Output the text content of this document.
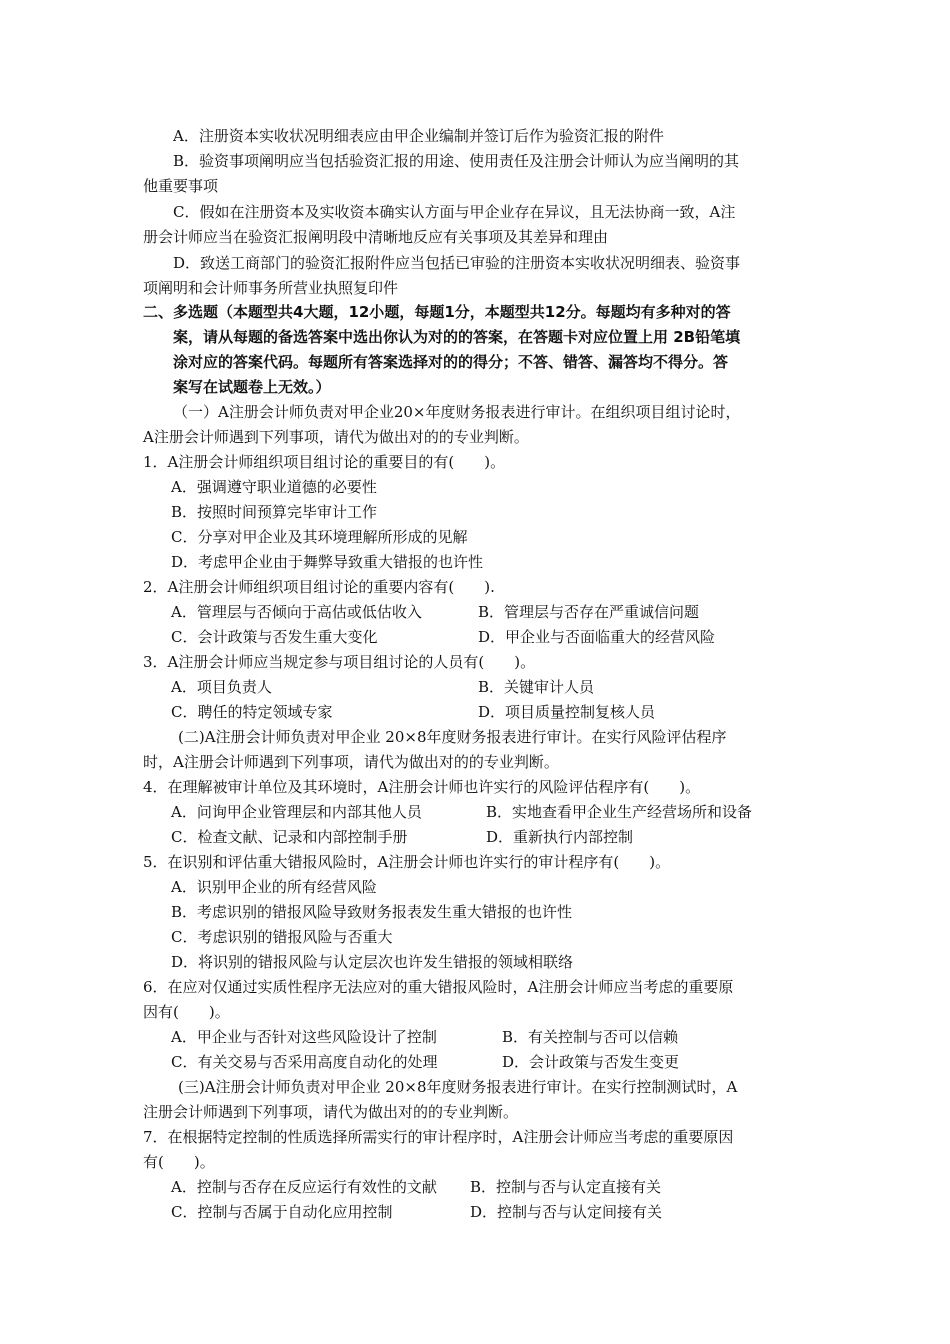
A．注册资本实收状况明细表应由甲企业编制并签订后作为验资汇报的附件
B．验资事项阐明应当包括验资汇报的用途、使用责任及注册会计师认为应当阐明的其
他重要事项
C．假如在注册资本及实收资本确实认方面与甲企业存在异议，且无法协商一致，A注
册会计师应当在验资汇报阐明段中清晰地反应有关事项及其差异和理由
D．致送工商部门的验资汇报附件应当包括已审验的注册资本实收状况明细表、验资事
项阐明和会计师事务所营业执照复印件
二、多选题（本题型共4大题，12小题，每题1分，本题型共12分。每题均有多种对的答
案，请从每题的备选答案中选出你认为对的的答案，在答题卡对应位置上用 2B铅笔填
涂对应的答案代码。每题所有答案选择对的的得分；不答、错答、漏答均不得分。答
案写在试题卷上无效。）
（一）A注册会计师负责对甲企业20×年度财务报表进行审计。在组织项目组讨论时，
A注册会计师遇到下列事项，请代为做出对的的专业判断。
1．A注册会计师组织项目组讨论的重要目的有(　　)。
A．强调遵守职业道德的必要性
B．按照时间预算完毕审计工作
C．分享对甲企业及其环境理解所形成的见解
D．考虑甲企业由于舞弊导致重大错报的也许性
2．A注册会计师组织项目组讨论的重要内容有(　　).
A．管理层与否倾向于高估或低估收入	B．管理层与否存在严重诚信问题
C．会计政策与否发生重大变化	D．甲企业与否面临重大的经营风险
3．A注册会计师应当规定参与项目组讨论的人员有(　　)。
A．项目负责人	B．关键审计人员
C．聘任的特定领域专家	D．项目质量控制复核人员
(二)A注册会计师负责对甲企业 20×8年度财务报表进行审计。在实行风险评估程序
时，A注册会计师遇到下列事项，请代为做出对的的专业判断。
4．在理解被审计单位及其环境时，A注册会计师也许实行的风险评估程序有(　　)。
A．问询甲企业管理层和内部其他人员	B．实地查看甲企业生产经营场所和设备
C．检查文献、记录和内部控制手册	D．重新执行内部控制
5．在识别和评估重大错报风险时，A注册会计师也许实行的审计程序有(　　)。
A．识别甲企业的所有经营风险
B．考虑识别的错报风险导致财务报表发生重大错报的也许性
C．考虑识别的错报风险与否重大
D．将识别的错报风险与认定层次也许发生错报的领域相联络
6．在应对仅通过实质性程序无法应对的重大错报风险时，A注册会计师应当考虑的重要原
因有(　　)。
A．甲企业与否针对这些风险设计了控制	B．有关控制与否可以信赖
C．有关交易与否采用高度自动化的处理	D．会计政策与否发生变更
(三)A注册会计师负责对甲企业 20×8年度财务报表进行审计。在实行控制测试时，A
注册会计师遇到下列事项，请代为做出对的的专业判断。
7．在根据特定控制的性质选择所需实行的审计程序时，A注册会计师应当考虑的重要原因
有(　　)。
A．控制与否存在反应运行有效性的文献 B．控制与否与认定直接有关
C．控制与否属于自动化应用控制	D．控制与否与认定间接有关
